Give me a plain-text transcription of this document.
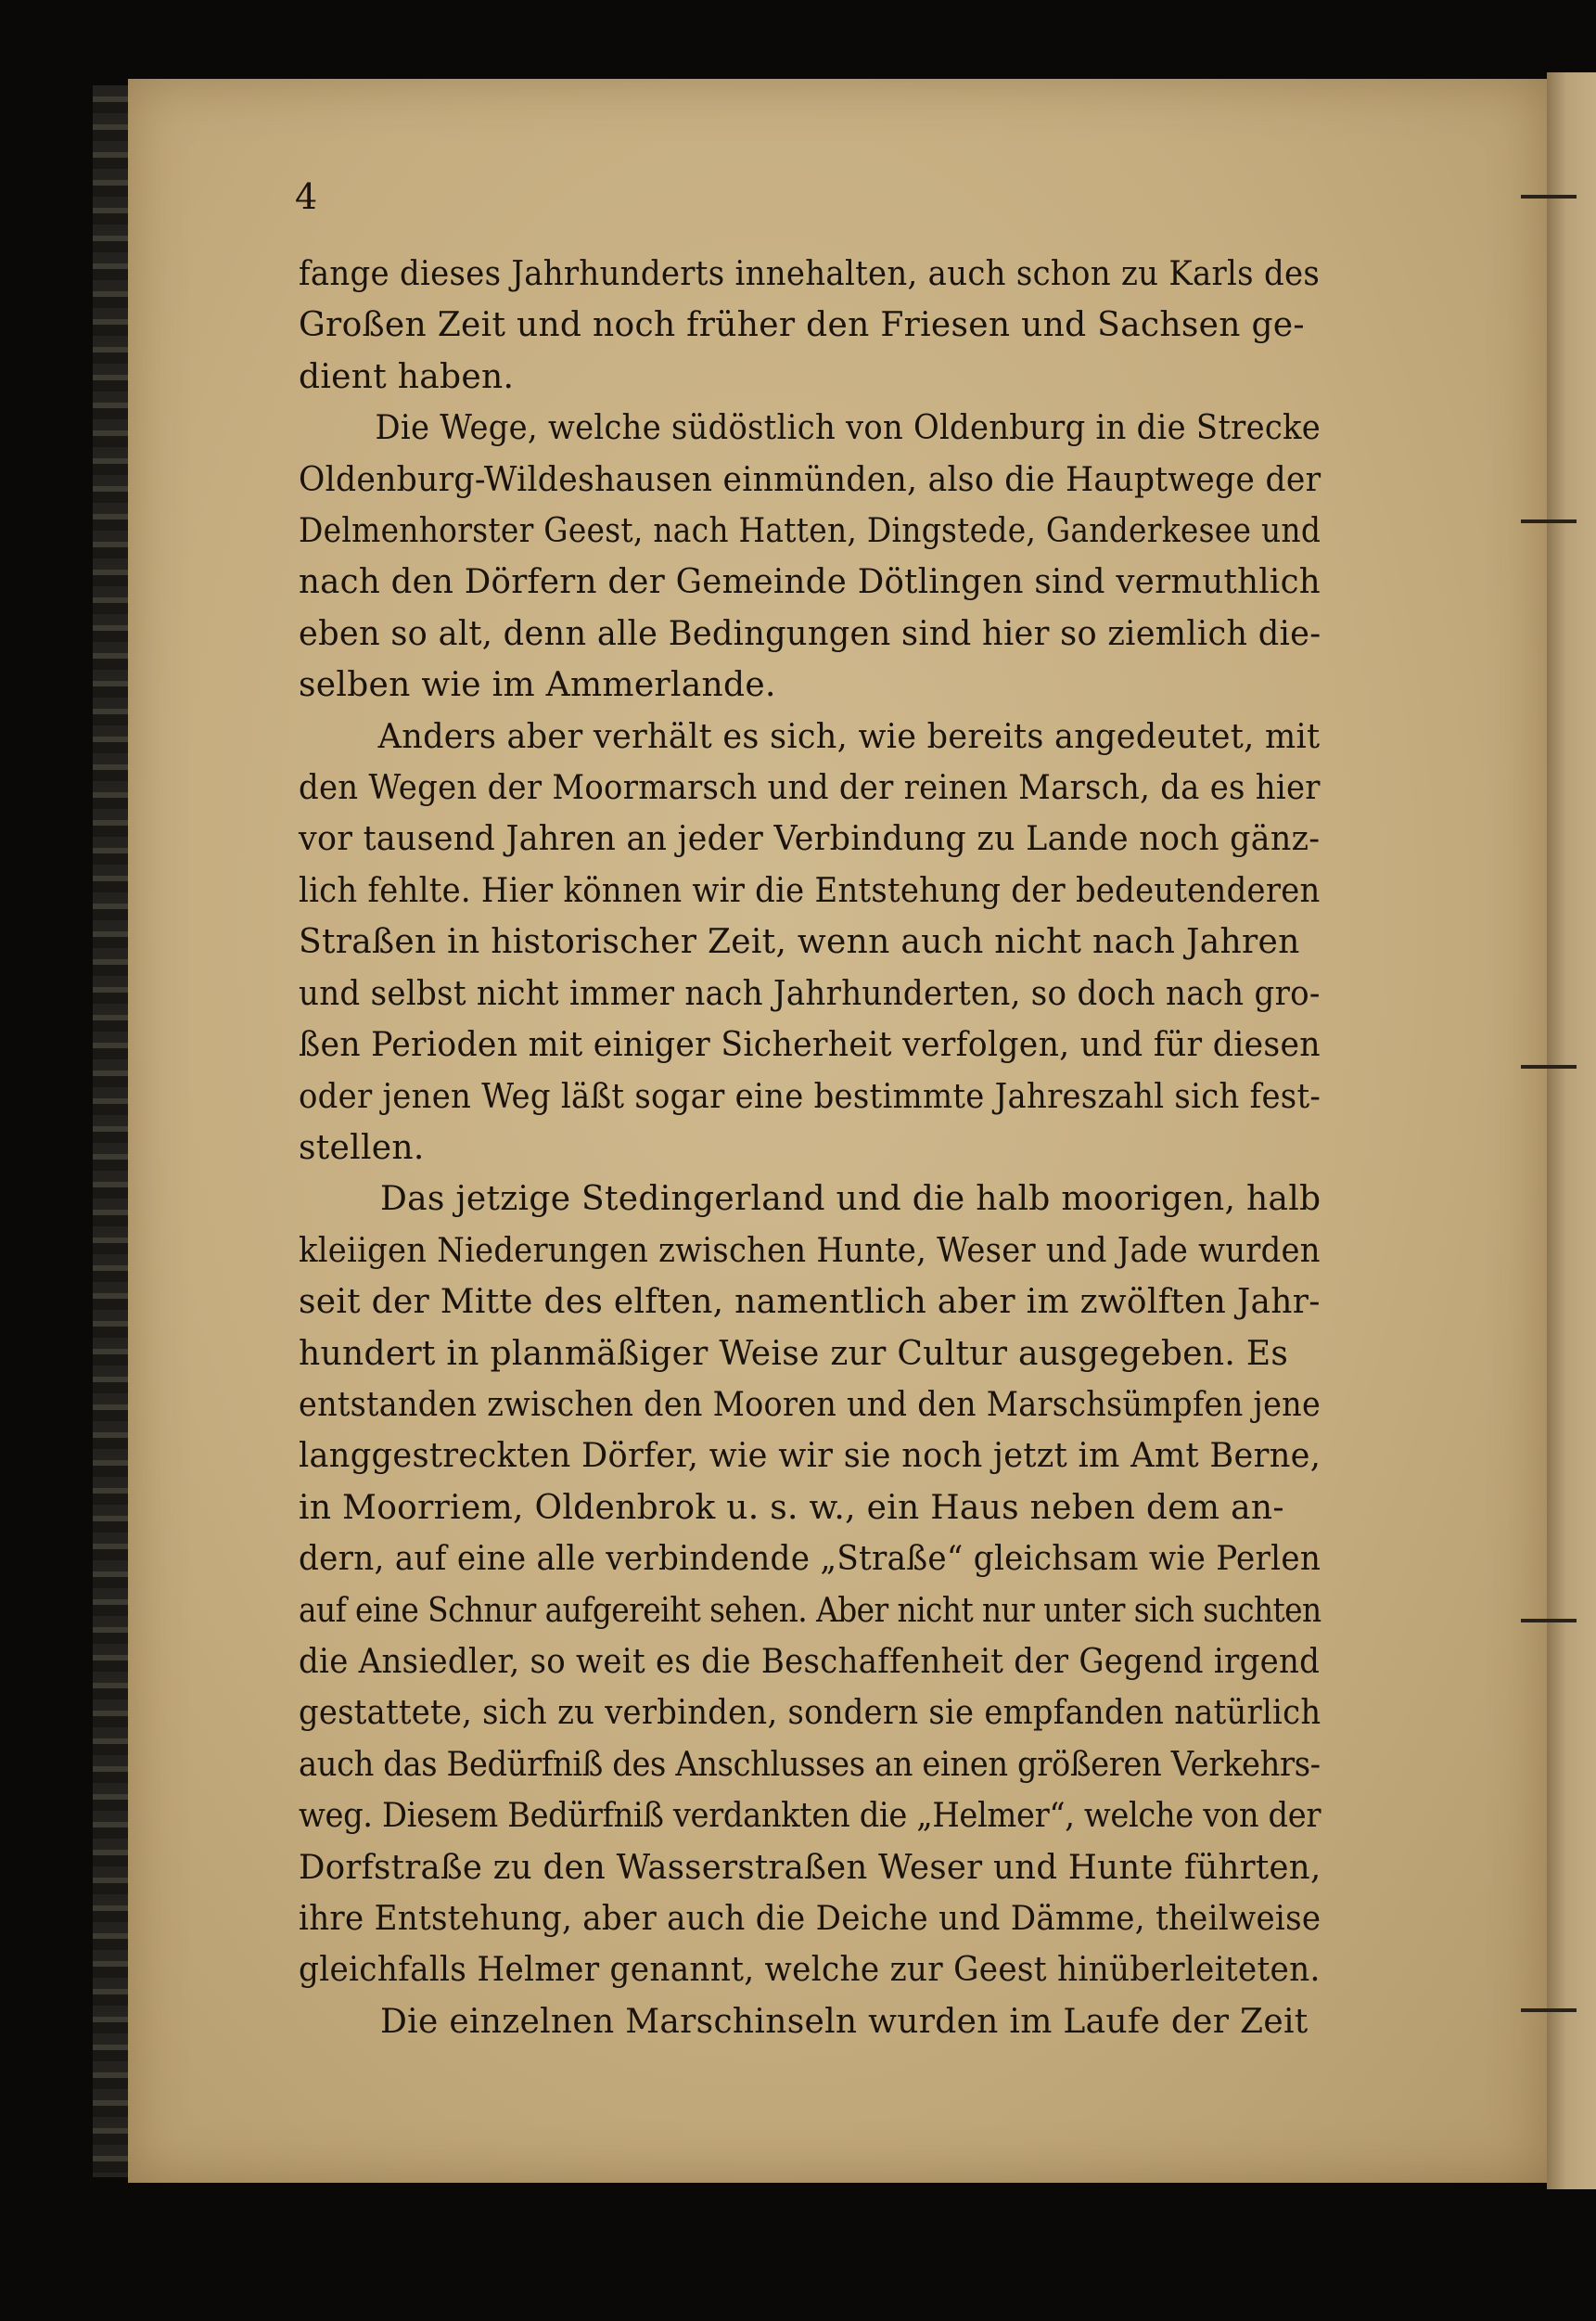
4

fange dieses Jahrhunderts innehalten, auch schon zu Karls des
Großen Zeit und noch früher den Friesen und Sachsen ge-
dient haben.

Die Wege, welche südöstlich von Oldenburg in die Strecke
Oldenburg-Wildeshausen einmünden, also die Hauptwege der
Delmenhorster Geest, nach Hatten, Dingstede, Ganderkesee und
nach den Dörfern der Gemeinde Dötlingen sind vermuthlich
eben so alt, denn alle Bedingungen sind hier so ziemlich die-
selben wie im Ammerlande.

Anders aber verhält es sich, wie bereits angedeutet, mit
den Wegen der Moormarsch und der reinen Marsch, da es hier
vor tausend Jahren an jeder Verbindung zu Lande noch gänz-
lich fehlte. Hier können wir die Entstehung der bedeutenderen
Straßen in historischer Zeit, wenn auch nicht nach Jahren
und selbst nicht immer nach Jahrhunderten, so doch nach gro-
ßen Perioden mit einiger Sicherheit verfolgen, und für diesen
oder jenen Weg läßt sogar eine bestimmte Jahreszahl sich fest-
stellen.

Das jetzige Stedingerland und die halb moorigen, halb
kleiigen Niederungen zwischen Hunte, Weser und Jade wurden
seit der Mitte des elften, namentlich aber im zwölften Jahr-
hundert in planmäßiger Weise zur Cultur ausgegeben. Es
entstanden zwischen den Mooren und den Marschsümpfen jene
langgestreckten Dörfer, wie wir sie noch jetzt im Amt Berne,
in Moorriem, Oldenbrok u. s. w., ein Haus neben dem an-
dern, auf eine alle verbindende „Straße“ gleichsam wie Perlen
auf eine Schnur aufgereiht sehen. Aber nicht nur unter sich suchten
die Ansiedler, so weit es die Beschaffenheit der Gegend irgend
gestattete, sich zu verbinden, sondern sie empfanden natürlich
auch das Bedürfniß des Anschlusses an einen größeren Verkehrs-
weg. Diesem Bedürfniß verdankten die „Helmer“, welche von der
Dorfstraße zu den Wasserstraßen Weser und Hunte führten,
ihre Entstehung, aber auch die Deiche und Dämme, theilweise
gleichfalls Helmer genannt, welche zur Geest hinüberleiteten.

Die einzelnen Marschinseln wurden im Laufe der Zeit
